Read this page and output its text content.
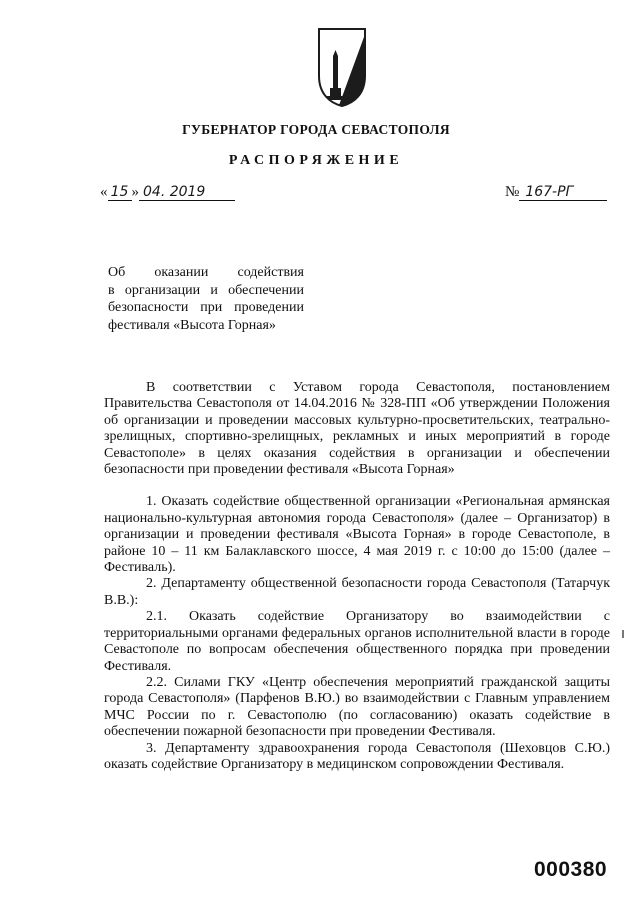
ГУБЕРНАТОР ГОРОДА СЕВАСТОПОЛЯ
РАСПОРЯЖЕНИЕ
« 15 » 04. 2019	№ 167-РГ
Об оказании содействия
в организации и обеспечении
безопасности при проведении
фестиваля «Высота Горная»

В соответствии с Уставом города Севастополя, постановлением Правительства Севастополя от 14.04.2016 № 328-ПП «Об утверждении Положения об организации и проведении массовых культурно-просветительских, театрально-зрелищных, спортивно-зрелищных, рекламных и иных мероприятий в городе Севастополе» в целях оказания содействия в организации и обеспечении безопасности при проведении фестиваля «Высота Горная»

1. Оказать содействие общественной организации «Региональная армянская национально-культурная автономия города Севастополя» (далее – Организатор) в организации и проведении фестиваля «Высота Горная» в городе Севастополе, в районе 10 – 11 км Балаклавского шоссе, 4 мая 2019 г. с 10:00 до 15:00 (далее – Фестиваль).

2. Департаменту общественной безопасности города Севастополя (Татарчук В.В.):

2.1. Оказать содействие Организатору во взаимодействии с территориальными органами федеральных органов исполнительной власти в городе Севастополе по вопросам обеспечения общественного порядка при проведении Фестиваля.

2.2. Силами ГКУ «Центр обеспечения мероприятий гражданской защиты города Севастополя» (Парфенов В.Ю.) во взаимодействии с Главным управлением МЧС России по г. Севастополю (по согласованию) оказать содействие в обеспечении пожарной безопасности при проведении Фестиваля.

3. Департаменту здравоохранения города Севастополя (Шеховцов С.Ю.) оказать содействие Организатору в медицинском сопровождении Фестиваля.

000380
